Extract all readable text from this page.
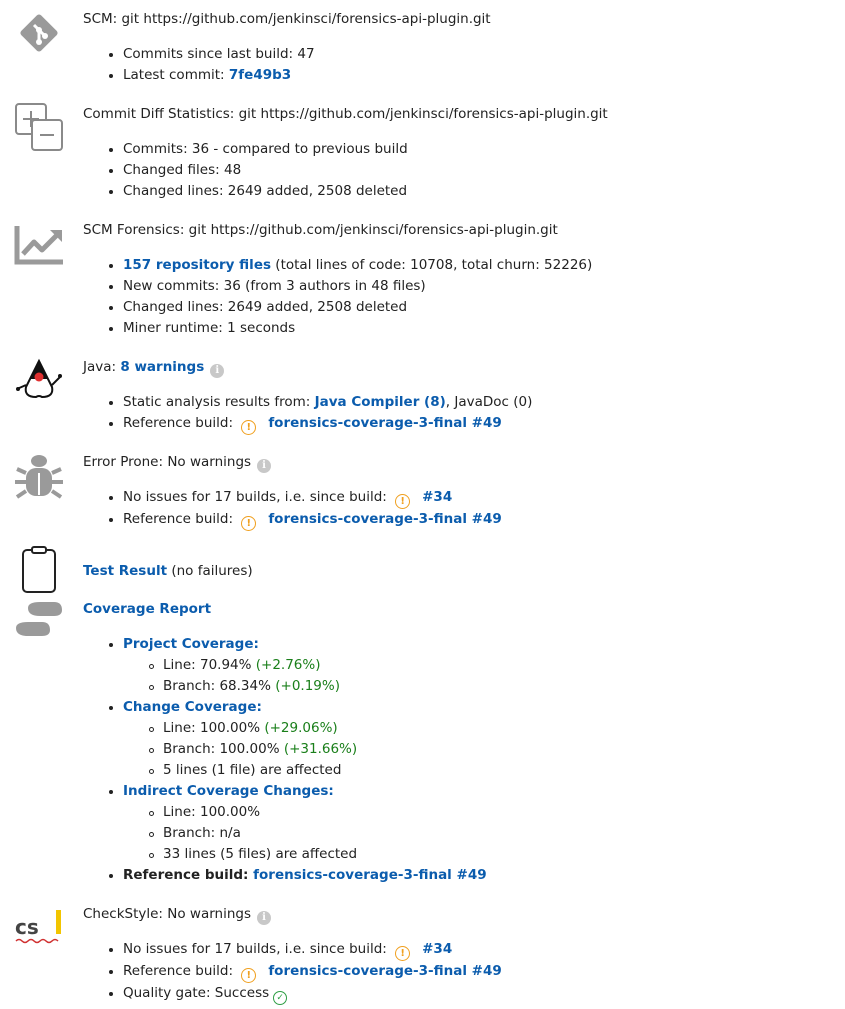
SCM: git https://github.com/jenkinsci/forensics-api-plugin.git
Commits since last build: 47
Latest commit: 7fe49b3
Commit Diff Statistics: git https://github.com/jenkinsci/forensics-api-plugin.git
Commits: 36 - compared to previous build
Changed files: 48
Changed lines: 2649 added, 2508 deleted
SCM Forensics: git https://github.com/jenkinsci/forensics-api-plugin.git
157 repository files (total lines of code: 10708, total churn: 52226)
New commits: 36 (from 3 authors in 48 files)
Changed lines: 2649 added, 2508 deleted
Miner runtime: 1 seconds
Java: 8 warnings i
Static analysis results from: Java Compiler (8), JavaDoc (0)
Reference build: ! forensics-coverage-3-final #49
Error Prone: No warnings i
No issues for 17 builds, i.e. since build: ! #34
Reference build: ! forensics-coverage-3-final #49
Test Result (no failures)
Coverage Report
Project Coverage:
Line: 70.94% (+2.76%)
Branch: 68.34% (+0.19%)
Change Coverage:
Line: 100.00% (+29.06%)
Branch: 100.00% (+31.66%)
5 lines (1 file) are affected
Indirect Coverage Changes:
Line: 100.00%
Branch: n/a
33 lines (5 files) are affected
Reference build: forensics-coverage-3-final #49
cs
CheckStyle: No warnings i
No issues for 17 builds, i.e. since build: ! #34
Reference build: ! forensics-coverage-3-final #49
Quality gate: Success ✓
